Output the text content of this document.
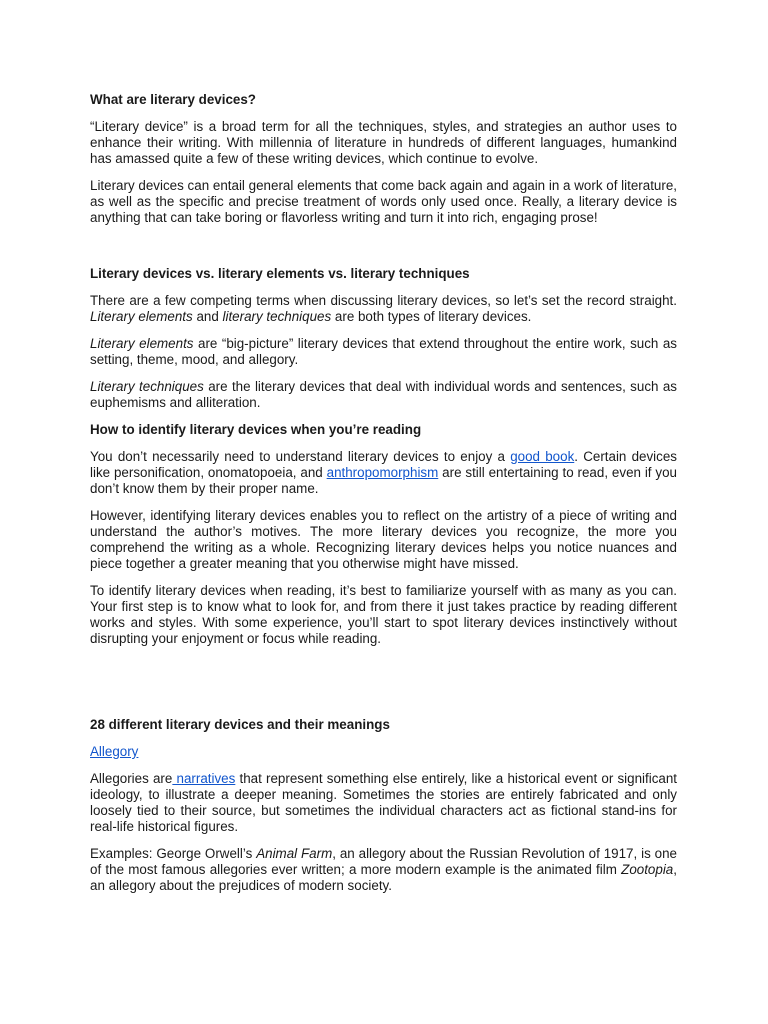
What are literary devices?

“Literary device” is a broad term for all the techniques, styles, and strategies an author uses to enhance their writing. With millennia of literature in hundreds of different languages, humankind has amassed quite a few of these writing devices, which continue to evolve.

Literary devices can entail general elements that come back again and again in a work of literature, as well as the specific and precise treatment of words only used once. Really, a literary device is anything that can take boring or flavorless writing and turn it into rich, engaging prose!

Literary devices vs. literary elements vs. literary techniques

There are a few competing terms when discussing literary devices, so let’s set the record straight. Literary elements and literary techniques are both types of literary devices.

Literary elements are “big-picture” literary devices that extend throughout the entire work, such as setting, theme, mood, and allegory.

Literary techniques are the literary devices that deal with individual words and sentences, such as euphemisms and alliteration.

How to identify literary devices when you’re reading

You don’t necessarily need to understand literary devices to enjoy a good book. Certain devices like personification, onomatopoeia, and anthropomorphism are still entertaining to read, even if you don’t know them by their proper name.

However, identifying literary devices enables you to reflect on the artistry of a piece of writing and understand the author’s motives. The more literary devices you recognize, the more you comprehend the writing as a whole. Recognizing literary devices helps you notice nuances and piece together a greater meaning that you otherwise might have missed.

To identify literary devices when reading, it’s best to familiarize yourself with as many as you can. Your first step is to know what to look for, and from there it just takes practice by reading different works and styles. With some experience, you’ll start to spot literary devices instinctively without disrupting your enjoyment or focus while reading.

28 different literary devices and their meanings

Allegory

Allegories are narratives that represent something else entirely, like a historical event or significant ideology, to illustrate a deeper meaning. Sometimes the stories are entirely fabricated and only loosely tied to their source, but sometimes the individual characters act as fictional stand-ins for real-life historical figures.

Examples: George Orwell’s Animal Farm, an allegory about the Russian Revolution of 1917, is one of the most famous allegories ever written; a more modern example is the animated film Zootopia, an allegory about the prejudices of modern society.
